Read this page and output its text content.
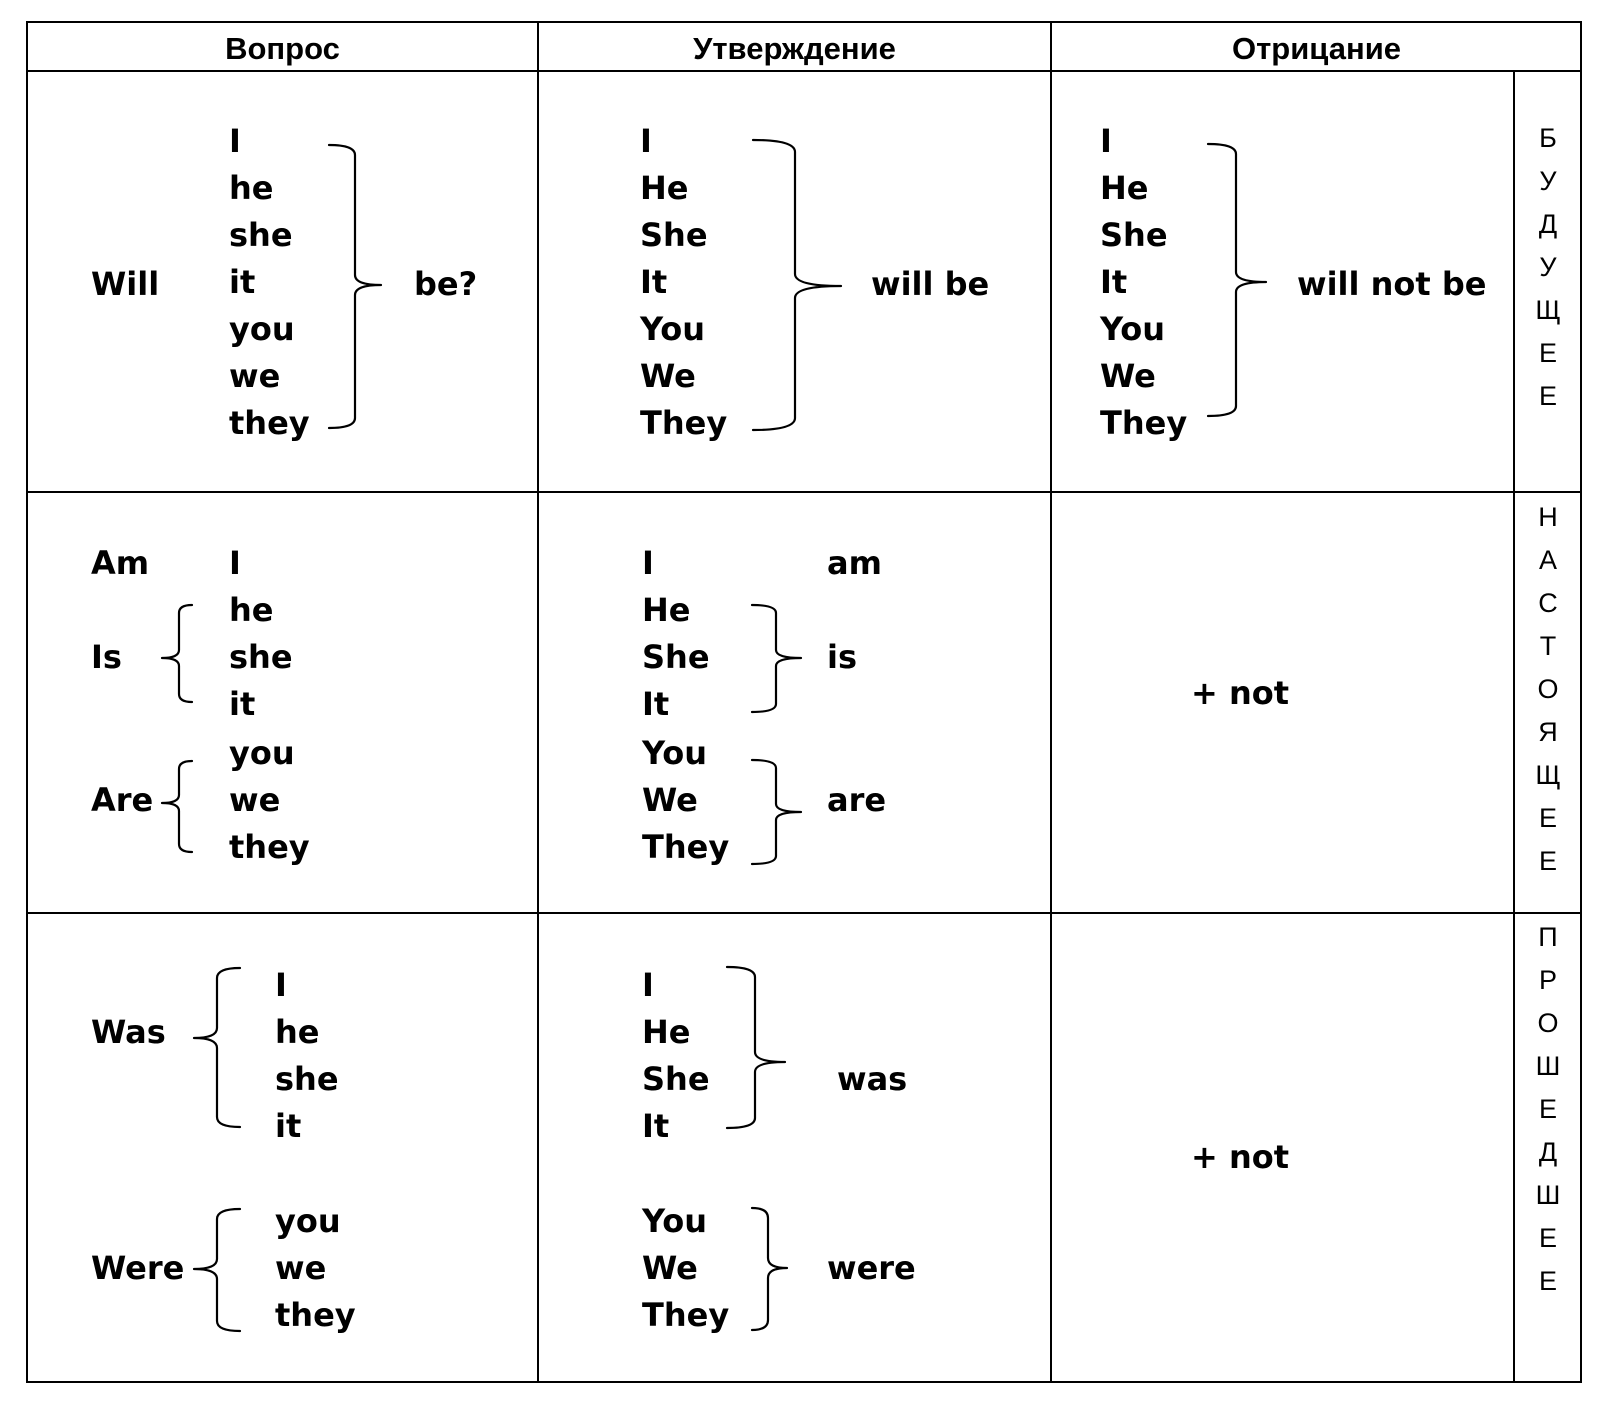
Вопрос	Утверждение	Отрицание
Will
I
he
she
it
you
we
they
be?
I
He
She
It
You
We
They
will be
I
He
She
It
You
We
They
will not be
Am
Is
Are
I
he
she
it
you
we
they
I
He
She
It
You
We
They
am
is
are
+ not
Was
Were
I
he
she
it
you
we
they
I
He
She
It
You
We
They
was
were
+ not
Б
У
Д
У
Щ
Е
Е
Н
А
С
Т
О
Я
Щ
Е
Е
П
Р
О
Ш
Е
Д
Ш
Е
Е
